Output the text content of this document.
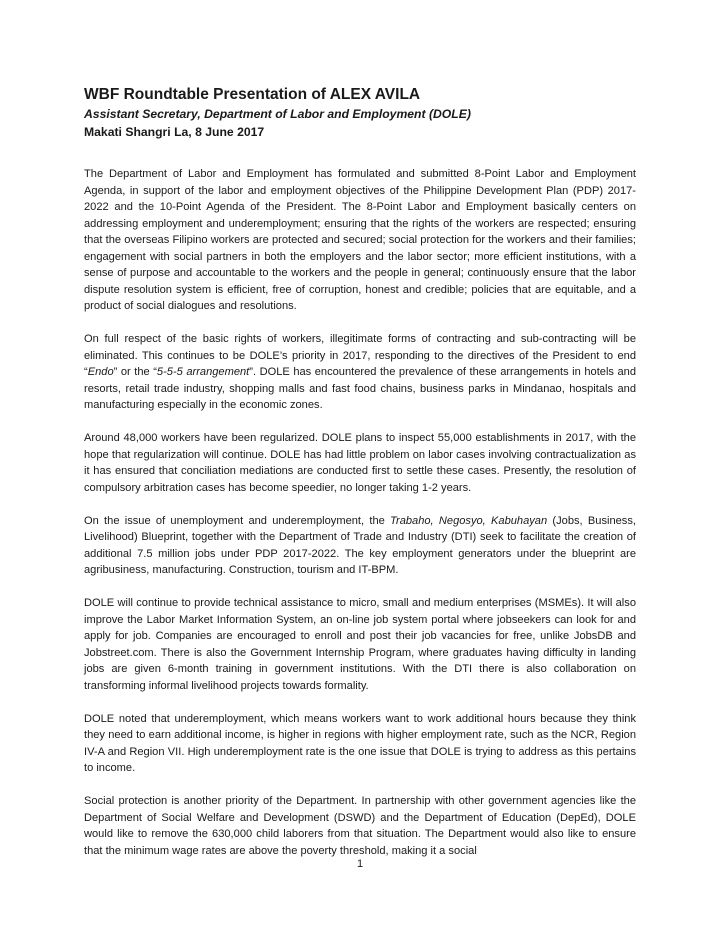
WBF Roundtable Presentation of ALEX AVILA

Assistant Secretary, Department of Labor and Employment (DOLE)

Makati Shangri La, 8 June 2017

The Department of Labor and Employment has formulated and submitted 8-Point Labor and Employment Agenda, in support of the labor and employment objectives of the Philippine Development Plan (PDP) 2017-2022 and the 10-Point Agenda of the President. The 8-Point Labor and Employment basically centers on addressing employment and underemployment; ensuring that the rights of the workers are respected; ensuring that the overseas Filipino workers are protected and secured; social protection for the workers and their families; engagement with social partners in both the employers and the labor sector; more efficient institutions, with a sense of purpose and accountable to the workers and the people in general; continuously ensure that the labor dispute resolution system is efficient, free of corruption, honest and credible; policies that are equitable, and a product of social dialogues and resolutions.

On full respect of the basic rights of workers, illegitimate forms of contracting and sub-contracting will be eliminated. This continues to be DOLE’s priority in 2017, responding to the directives of the President to end “Endo” or the “5-5-5 arrangement”. DOLE has encountered the prevalence of these arrangements in hotels and resorts, retail trade industry, shopping malls and fast food chains, business parks in Mindanao, hospitals and manufacturing especially in the economic zones.

Around 48,000 workers have been regularized. DOLE plans to inspect 55,000 establishments in 2017, with the hope that regularization will continue. DOLE has had little problem on labor cases involving contractualization as it has ensured that conciliation mediations are conducted first to settle these cases. Presently, the resolution of compulsory arbitration cases has become speedier, no longer taking 1-2 years.

On the issue of unemployment and underemployment, the Trabaho, Negosyo, Kabuhayan (Jobs, Business, Livelihood) Blueprint, together with the Department of Trade and Industry (DTI) seek to facilitate the creation of additional 7.5 million jobs under PDP 2017-2022. The key employment generators under the blueprint are agribusiness, manufacturing. Construction, tourism and IT-BPM.

DOLE will continue to provide technical assistance to micro, small and medium enterprises (MSMEs). It will also improve the Labor Market Information System, an on-line job system portal where jobseekers can look for and apply for job. Companies are encouraged to enroll and post their job vacancies for free, unlike JobsDB and Jobstreet.com. There is also the Government Internship Program, where graduates having difficulty in landing jobs are given 6-month training in government institutions. With the DTI there is also collaboration on transforming informal livelihood projects towards formality.

DOLE noted that underemployment, which means workers want to work additional hours because they think they need to earn additional income, is higher in regions with higher employment rate, such as the NCR, Region IV-A and Region VII. High underemployment rate is the one issue that DOLE is trying to address as this pertains to income.

Social protection is another priority of the Department. In partnership with other government agencies like the Department of Social Welfare and Development (DSWD) and the Department of Education (DepEd), DOLE would like to remove the 630,000 child laborers from that situation. The Department would also like to ensure that the minimum wage rates are above the poverty threshold, making it a social

1
